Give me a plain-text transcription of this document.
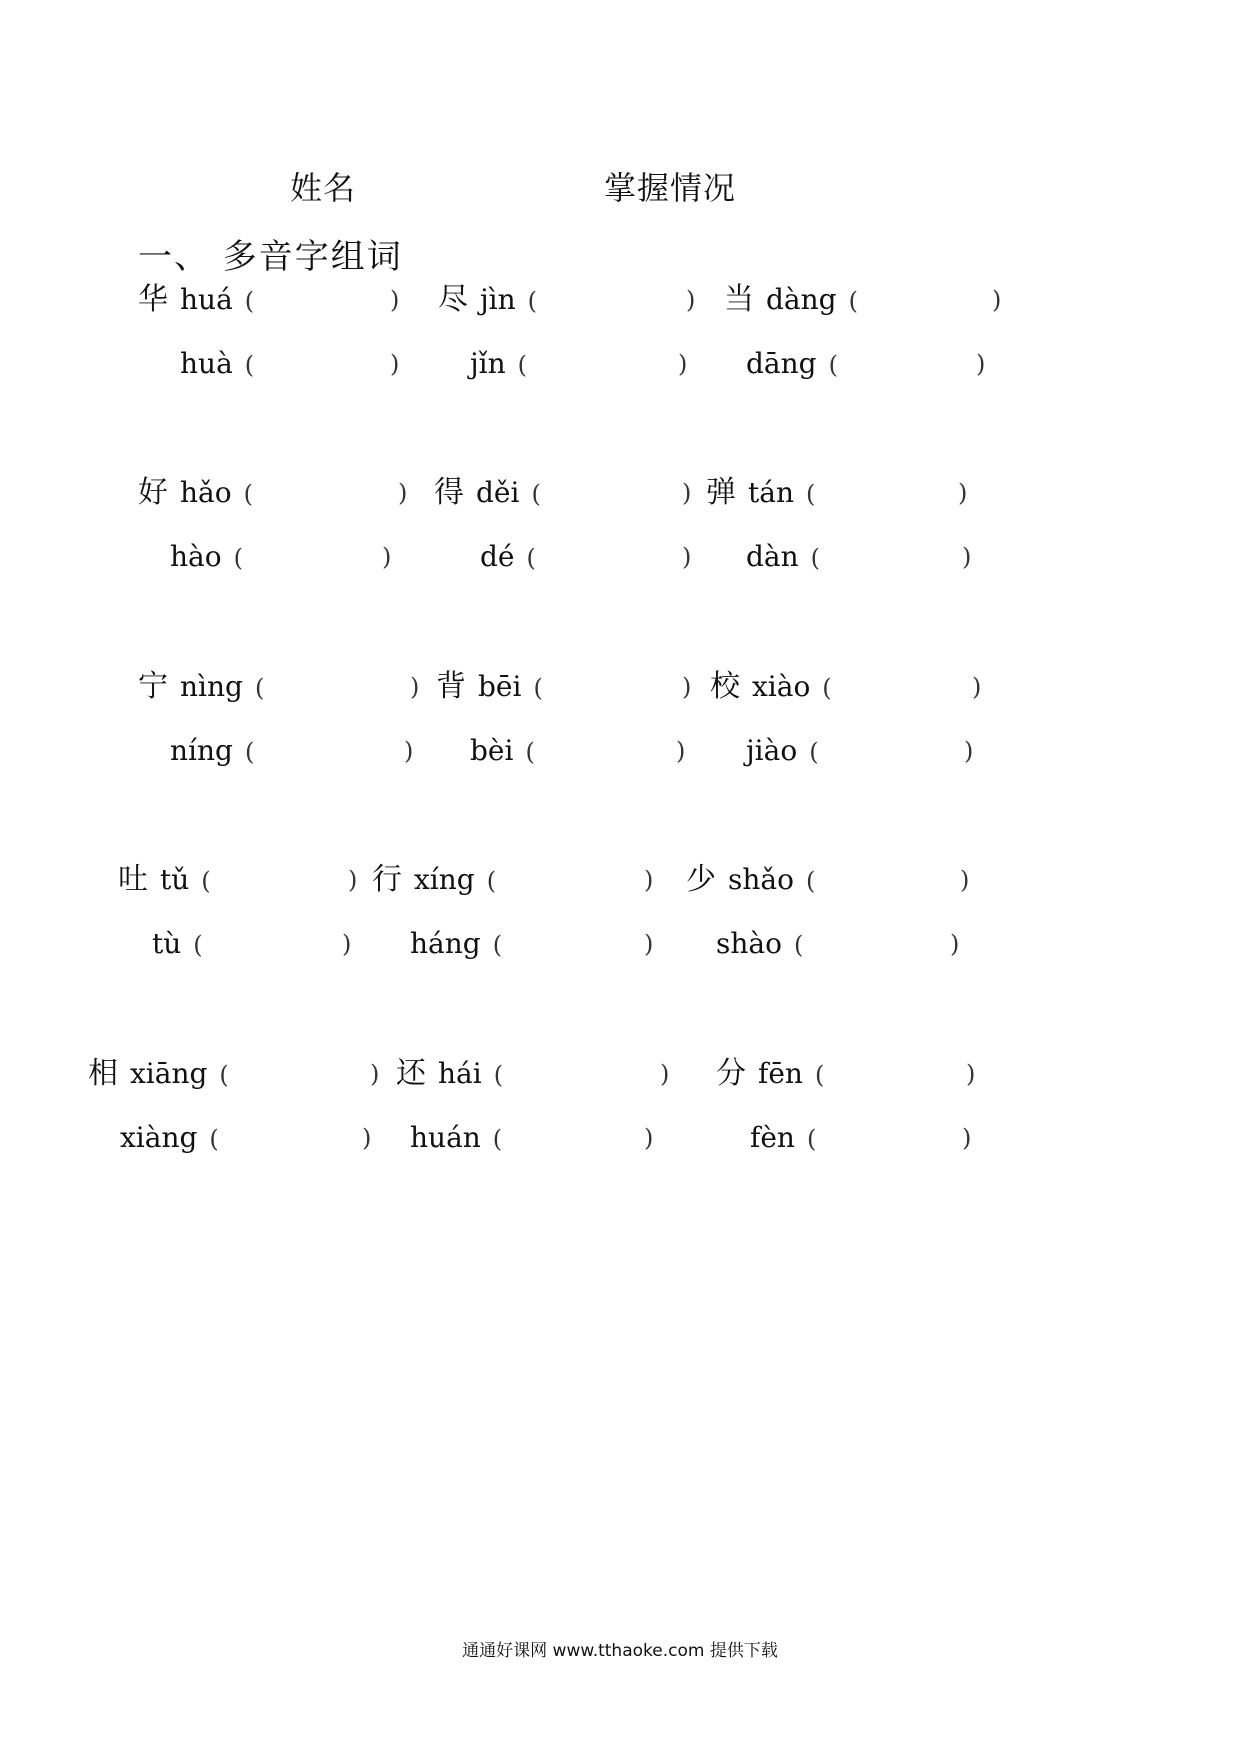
姓名	掌握情况
一、 多音字组词
华 huá (	) 尽 jìn (	) 当 dàng (	)
huà (	)	jǐn (	) dāng (	)
好 hǎo (	) 得 děi (	) 弹 tán (	)
hào (	)	dé (	) dàn (	)
宁 nìng (	) 背 bēi (	) 校 xiào (	)
níng (	) bèi (	) jiào (	)
吐 tǔ (	) 行 xíng (	) 少 shǎo (	)
tù (	) háng (	) shào (	)
相 xiāng (	) 还 hái (	) 分 fēn (	)
xiàng (	) huán (	)	fèn (	)
通通好课网 www.tthaoke.com 提供下载
